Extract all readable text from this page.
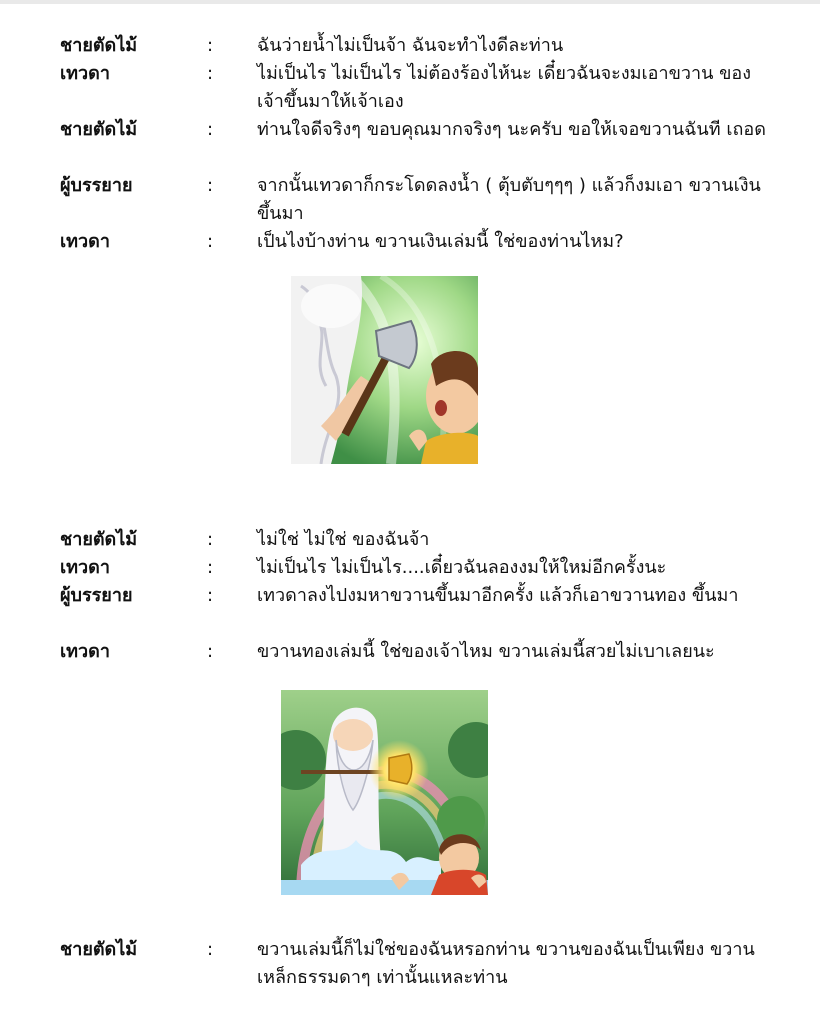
ชายตัดไม้	: ฉันว่ายน้ำไม่เป็นจ้า ฉันจะทำไงดีละท่าน
เทวดา	: ไม่เป็นไร ไม่เป็นไร ไม่ต้องร้องไห้นะ เดี๋ยวฉันจะงมเอาขวาน ของเจ้าขึ้นมาให้เจ้าเอง
ชายตัดไม้	: ท่านใจดีจริงๆ ขอบคุณมากจริงๆ นะครับ ขอให้เจอขวานฉันที เถอด
ผู้บรรยาย	: จากนั้นเทวดาก็กระโดดลงน้ำ ( ตุ้บตับๆๆๆ ) แล้วก็งมเอา ขวานเงินขึ้นมา
เทวดา	: เป็นไงบ้างท่าน ขวานเงินเล่มนี้ ใช่ของท่านไหม?
ชายตัดไม้	: ไม่ใช่ ไม่ใช่ ของฉันจ้า
เทวดา	: ไม่เป็นไร ไม่เป็นไร....เดี๋ยวฉันลองงมให้ใหม่อีกครั้งนะ
ผู้บรรยาย	: เทวดาลงไปงมหาขวานขึ้นมาอีกครั้ง แล้วก็เอาขวานทอง ขึ้นมา
เทวดา	: ขวานทองเล่มนี้ ใช่ของเจ้าไหม ขวานเล่มนี้สวยไม่เบาเลยนะ
ชายตัดไม้	: ขวานเล่มนี้ก็ไม่ใช่ของฉันหรอกท่าน ขวานของฉันเป็นเพียง ขวานเหล็กธรรมดาๆ เท่านั้นแหละท่าน
